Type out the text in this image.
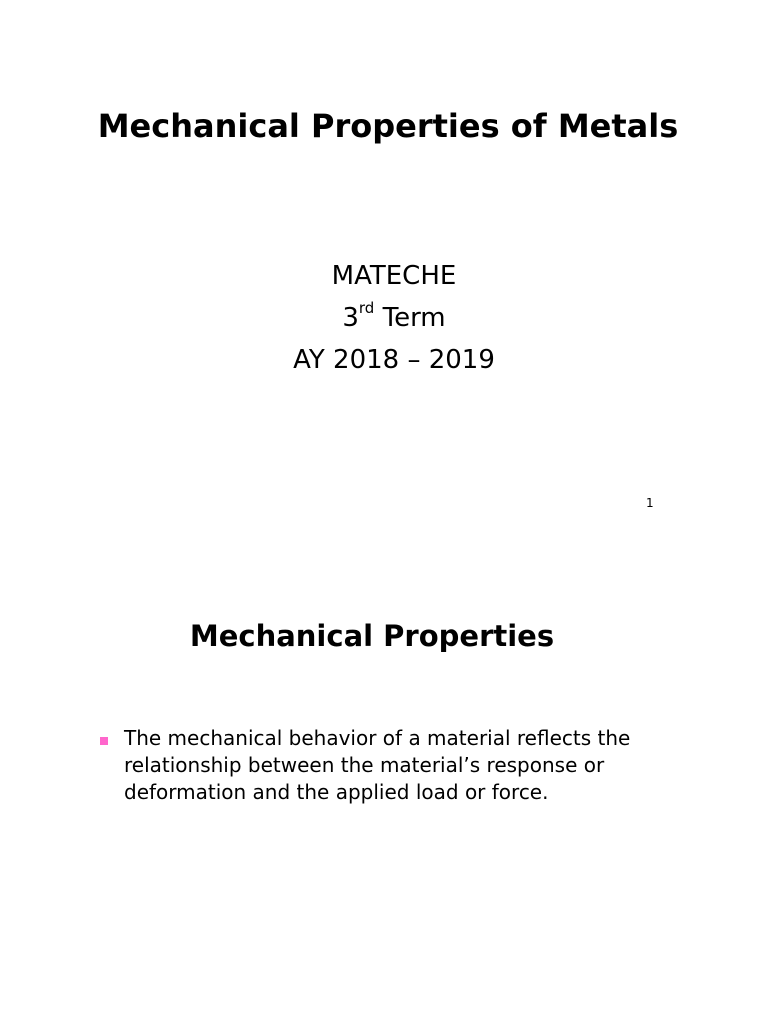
Mechanical Properties of Metals
MATECHE
3rd Term
AY 2018 – 2019
1
Mechanical Properties
The mechanical behavior of a material reflects the relationship between the material’s response or deformation and the applied load or force.
